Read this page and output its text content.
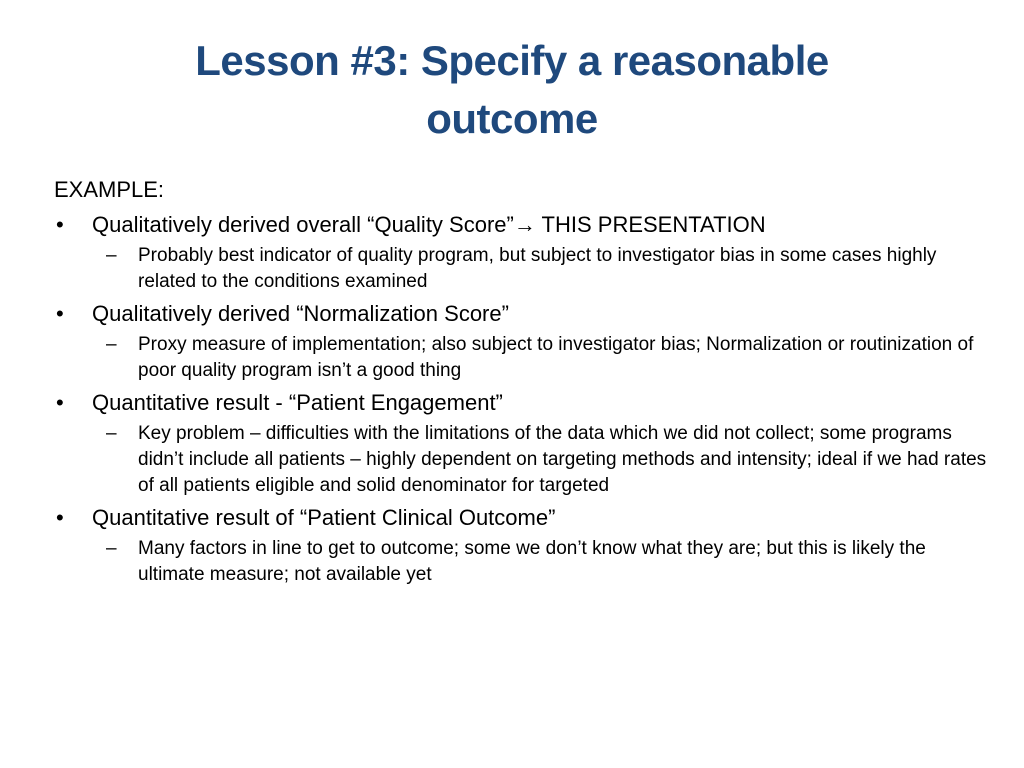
Lesson #3: Specify a reasonable
outcome
EXAMPLE:
•	Qualitatively derived overall “Quality Score”→ THIS PRESENTATION
–	Probably best indicator of quality program, but subject to investigator bias in some cases highly related to the conditions examined
•	Qualitatively derived “Normalization Score”
–	Proxy measure of implementation; also subject to investigator bias; Normalization or routinization of poor quality program isn’t a good thing
•	Quantitative result - “Patient Engagement”
–	Key problem – difficulties with the limitations of the data which we did not collect; some programs didn’t include all patients – highly dependent on targeting methods and intensity; ideal if we had rates of all patients eligible and solid denominator for targeted
•	Quantitative result of “Patient Clinical Outcome”
–	Many factors in line to get to outcome; some we don’t know what they are; but this is likely the ultimate measure; not available yet
